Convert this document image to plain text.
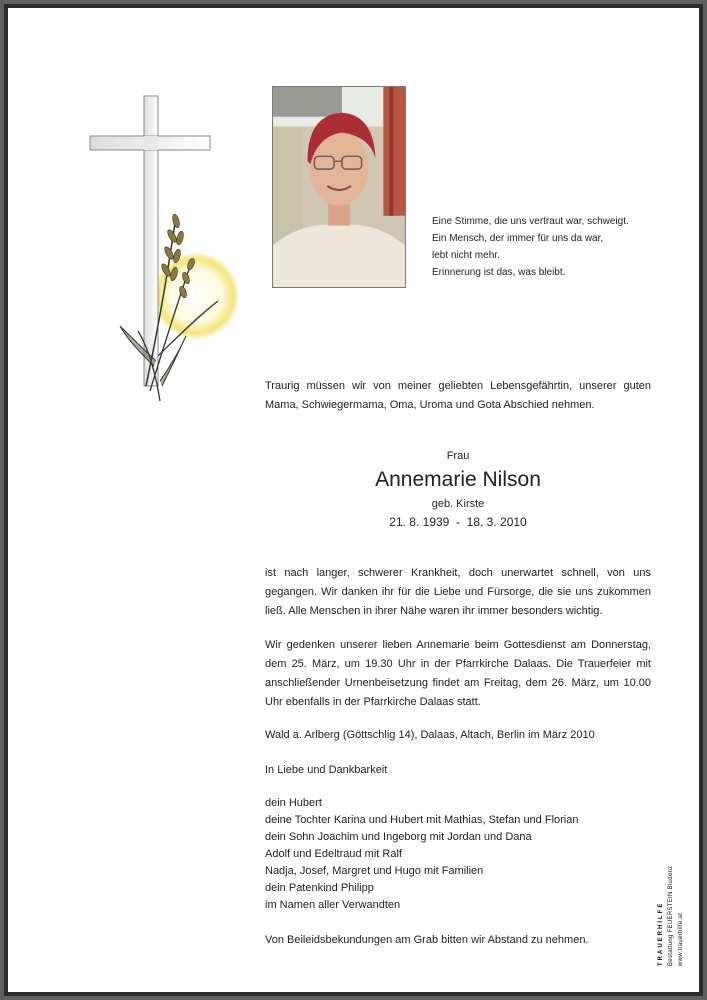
Eine Stimme, die uns vertraut war, schweigt.
Ein Mensch, der immer für uns da war,
lebt nicht mehr.
Erinnerung ist das, was bleibt.
Traurig müssen wir von meiner geliebten Lebensgefährtin, unserer guten Mama, Schwiegermama, Oma, Uroma und Gota Abschied nehmen.
Frau
Annemarie Nilson
geb. Kirste
21. 8. 1939  -  18. 3. 2010
ist nach langer, schwerer Krankheit, doch unerwartet schnell, von uns gegangen. Wir danken ihr für die Liebe und Fürsorge, die sie uns zukommen ließ. Alle Menschen in ihrer Nähe waren ihr immer besonders wichtig.
Wir gedenken unserer lieben Annemarie beim Gottesdienst am Donnerstag, dem 25. März, um 19.30 Uhr in der Pfarrkirche Dalaas. Die Trauerfeier mit anschließender Urnenbeisetzung findet am Freitag, dem 26. März, um 10.00 Uhr ebenfalls in der Pfarrkirche Dalaas statt.
Wald a. Arlberg (Göttschlig 14), Dalaas, Altach, Berlin im März 2010
In Liebe und Dankbarkeit
dein Hubert
deine Tochter Karina und Hubert mit Mathias, Stefan und Florian
dein Sohn Joachim und Ingeborg mit Jordan und Dana
Adolf und Edeltraud mit Ralf
Nadja, Josef, Margret und Hugo mit Familien
dein Patenkind Philipp
im Namen aller Verwandten
Von Beileidsbekundungen am Grab bitten wir Abstand zu nehmen.	TRAUERHILFE Bestattung FEUERSTEIN Bludenz www.trauerhilfe.at
